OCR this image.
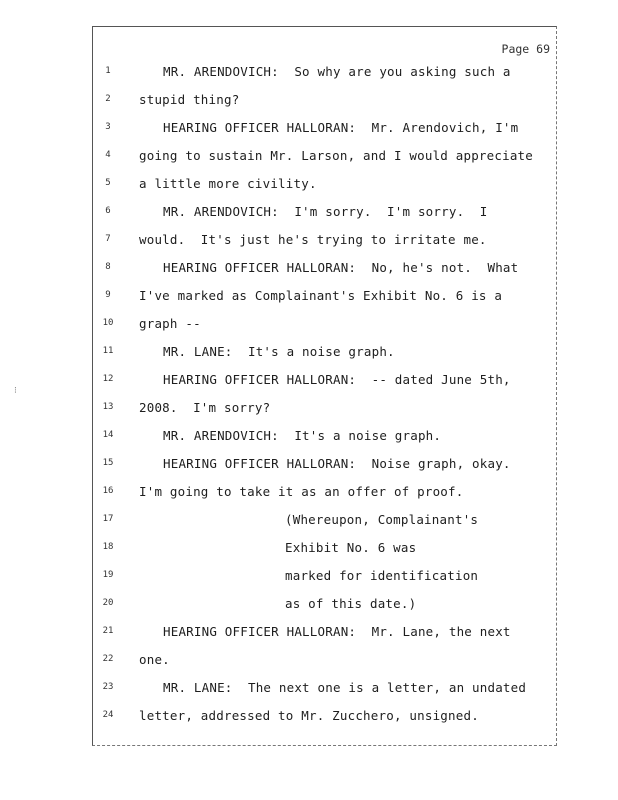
⁝
Page 69
1	MR. ARENDOVICH:  So why are you asking such a
2	stupid thing?
3	HEARING OFFICER HALLORAN:  Mr. Arendovich, I'm
4	going to sustain Mr. Larson, and I would appreciate
5	a little more civility.
6	MR. ARENDOVICH:  I'm sorry.  I'm sorry.  I
7	would.  It's just he's trying to irritate me.
8	HEARING OFFICER HALLORAN:  No, he's not.  What
9	I've marked as Complainant's Exhibit No. 6 is a
10	graph --
11	MR. LANE:  It's a noise graph.
12	HEARING OFFICER HALLORAN:  -- dated June 5th,
13	2008.  I'm sorry?
14	MR. ARENDOVICH:  It's a noise graph.
15	HEARING OFFICER HALLORAN:  Noise graph, okay.
16	I'm going to take it as an offer of proof.
17	(Whereupon, Complainant's
18	Exhibit No. 6 was
19	marked for identification
20	as of this date.)
21	HEARING OFFICER HALLORAN:  Mr. Lane, the next
22	one.
23	MR. LANE:  The next one is a letter, an undated
24	letter, addressed to Mr. Zucchero, unsigned.
